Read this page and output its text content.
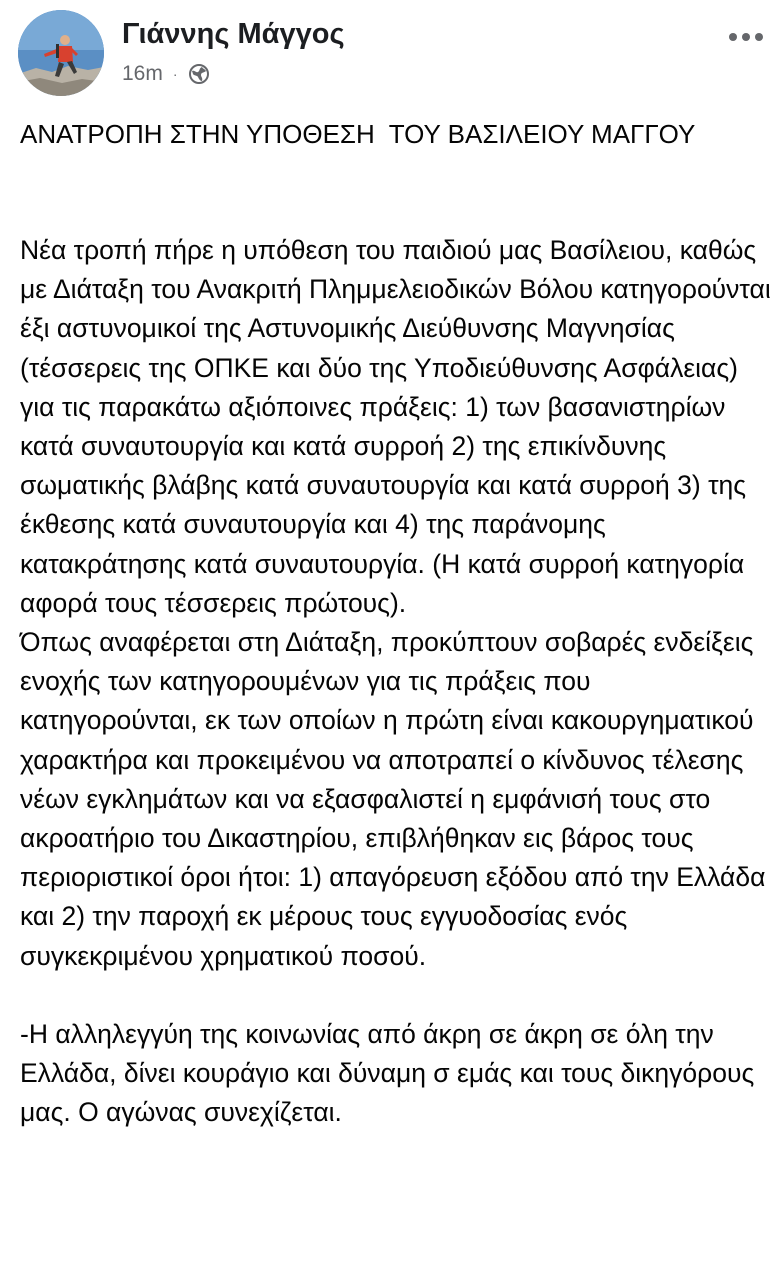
Γιάννης Μάγγος
16m ·
ΑΝΑΤΡΟΠΗ ΣΤΗΝ ΥΠΟΘΕΣΗ  ΤΟΥ ΒΑΣΙΛΕΙΟΥ ΜΑΓΓΟΥ

Νέα τροπή πήρε η υπόθεση του παιδιού μας Βασίλειου, καθώς με Διάταξη του Ανακριτή Πλημμελειοδικών Βόλου κατηγορούνται έξι αστυνομικοί της Αστυνομικής Διεύθυνσης Μαγνησίας (τέσσερεις της ΟΠΚΕ και δύο της Υποδιεύθυνσης Ασφάλειας) για τις παρακάτω αξιόποινες πράξεις: 1) των βασανιστηρίων κατά συναυτουργία και κατά συρροή 2) της επικίνδυνης σωματικής βλάβης κατά συναυτουργία και κατά συρροή 3) της έκθεσης κατά συναυτουργία και 4) της παράνομης κατακράτησης κατά συναυτουργία. (Η κατά συρροή κατηγορία αφορά τους τέσσερεις πρώτους).

Όπως αναφέρεται στη Διάταξη, προκύπτουν σοβαρές ενδείξεις ενοχής των κατηγορουμένων για τις πράξεις που κατηγορούνται, εκ των οποίων η πρώτη είναι κακουργηματικού χαρακτήρα και προκειμένου να αποτραπεί ο κίνδυνος τέλεσης νέων εγκλημάτων και να εξασφαλιστεί η εμφάνισή τους στο ακροατήριο του Δικαστηρίου, επιβλήθηκαν εις βάρος τους περιοριστικοί όροι ήτοι: 1) απαγόρευση εξόδου από την Ελλάδα και 2) την παροχή εκ μέρους τους εγγυοδοσίας ενός συγκεκριμένου χρηματικού ποσού.

-Η αλληλεγγύη της κοινωνίας από άκρη σε άκρη σε όλη την Ελλάδα, δίνει κουράγιο και δύναμη σ εμάς και τους δικηγόρους μας. Ο αγώνας συνεχίζεται.
